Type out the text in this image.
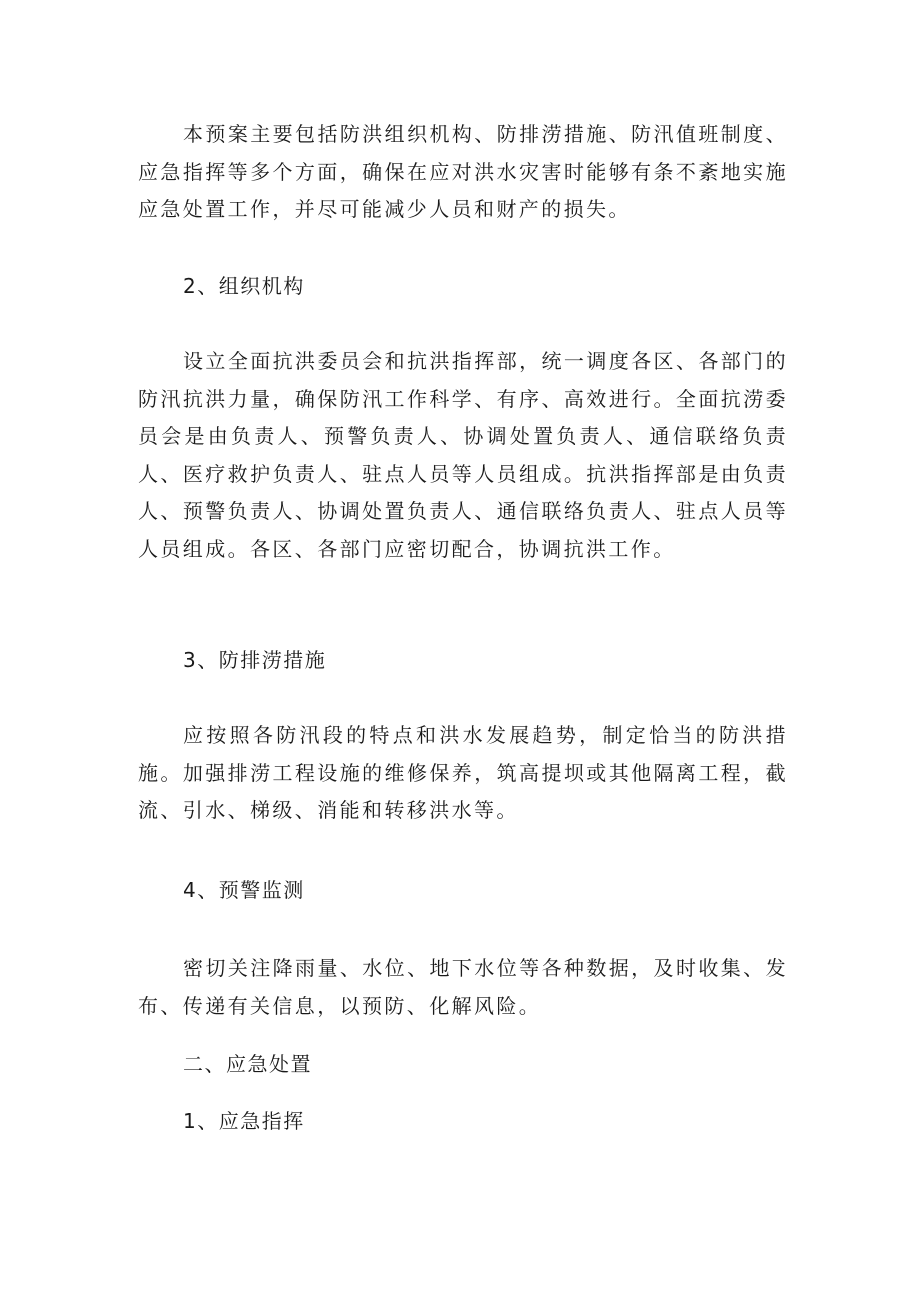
本预案主要包括防洪组织机构、防排涝措施、防汛值班制度、应急指挥等多个方面，确保在应对洪水灾害时能够有条不紊地实施应急处置工作，并尽可能减少人员和财产的损失。

2、组织机构

设立全面抗洪委员会和抗洪指挥部，统一调度各区、各部门的防汛抗洪力量，确保防汛工作科学、有序、高效进行。全面抗涝委员会是由负责人、预警负责人、协调处置负责人、通信联络负责人、医疗救护负责人、驻点人员等人员组成。抗洪指挥部是由负责人、预警负责人、协调处置负责人、通信联络负责人、驻点人员等人员组成。各区、各部门应密切配合，协调抗洪工作。

3、防排涝措施

应按照各防汛段的特点和洪水发展趋势，制定恰当的防洪措施。加强排涝工程设施的维修保养，筑高提坝或其他隔离工程，截流、引水、梯级、消能和转移洪水等。

4、预警监测

密切关注降雨量、水位、地下水位等各种数据，及时收集、发布、传递有关信息，以预防、化解风险。

二、应急处置

1、应急指挥
